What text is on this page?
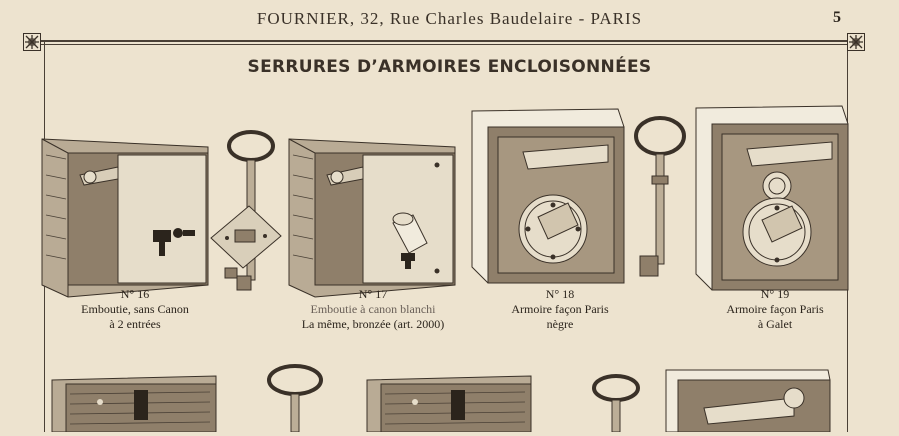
FOURNIER, 32, Rue Charles Baudelaire - PARIS	5
SERRURES D’ARMOIRES ENCLOISONNÉES
N° 16
Emboutie, sans Canon
à 2 entrées
N° 17
Emboutie à canon blanchi
La même, bronzée (art. 2000)
N° 18
Armoire façon Paris
nègre
N° 19
Armoire façon Paris
à Galet
